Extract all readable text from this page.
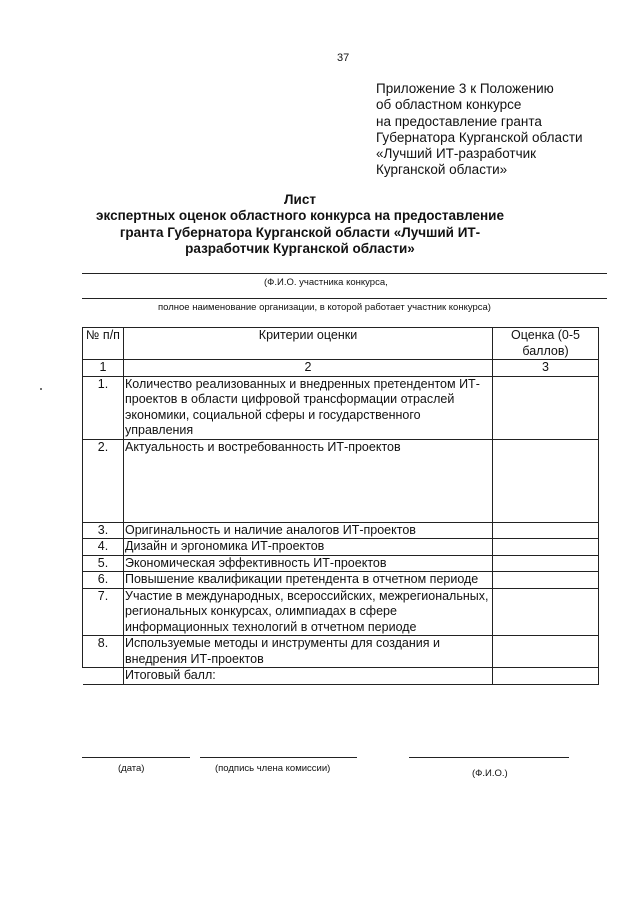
37
Приложение 3 к Положению
об областном конкурсе
на предоставление гранта
Губернатора Курганской области
«Лучший ИТ-разработчик
Курганской области»
Лист
экспертных оценок областного конкурса на предоставление гранта Губернатора Курганской области «Лучший ИТ-разработчик Курганской области»
(Ф.И.О. участника конкурса,
полное наименование организации, в которой работает участник конкурса)
№ п/п	Критерии оценки	Оценка (0-5 баллов)
1	2	3
1.	Количество реализованных и внедренных претендентом ИТ-проектов в области цифровой трансформации отраслей экономики, социальной сферы и государственного управления	
2.	Актуальность и востребованность ИТ-проектов	
3.	Оригинальность и наличие аналогов ИТ-проектов	
4.	Дизайн и эргономика ИТ-проектов	
5.	Экономическая эффективность ИТ-проектов	
6.	Повышение квалификации претендента в отчетном периоде	
7.	Участие в международных, всероссийских, межрегиональных, региональных конкурсах, олимпиадах в сфере информационных технологий в отчетном периоде	
8.	Используемые методы и инструменты для создания и внедрения ИТ-проектов	
	Итоговый балл:	
(дата)	(подпись члена комиссии)	(Ф.И.О.)
